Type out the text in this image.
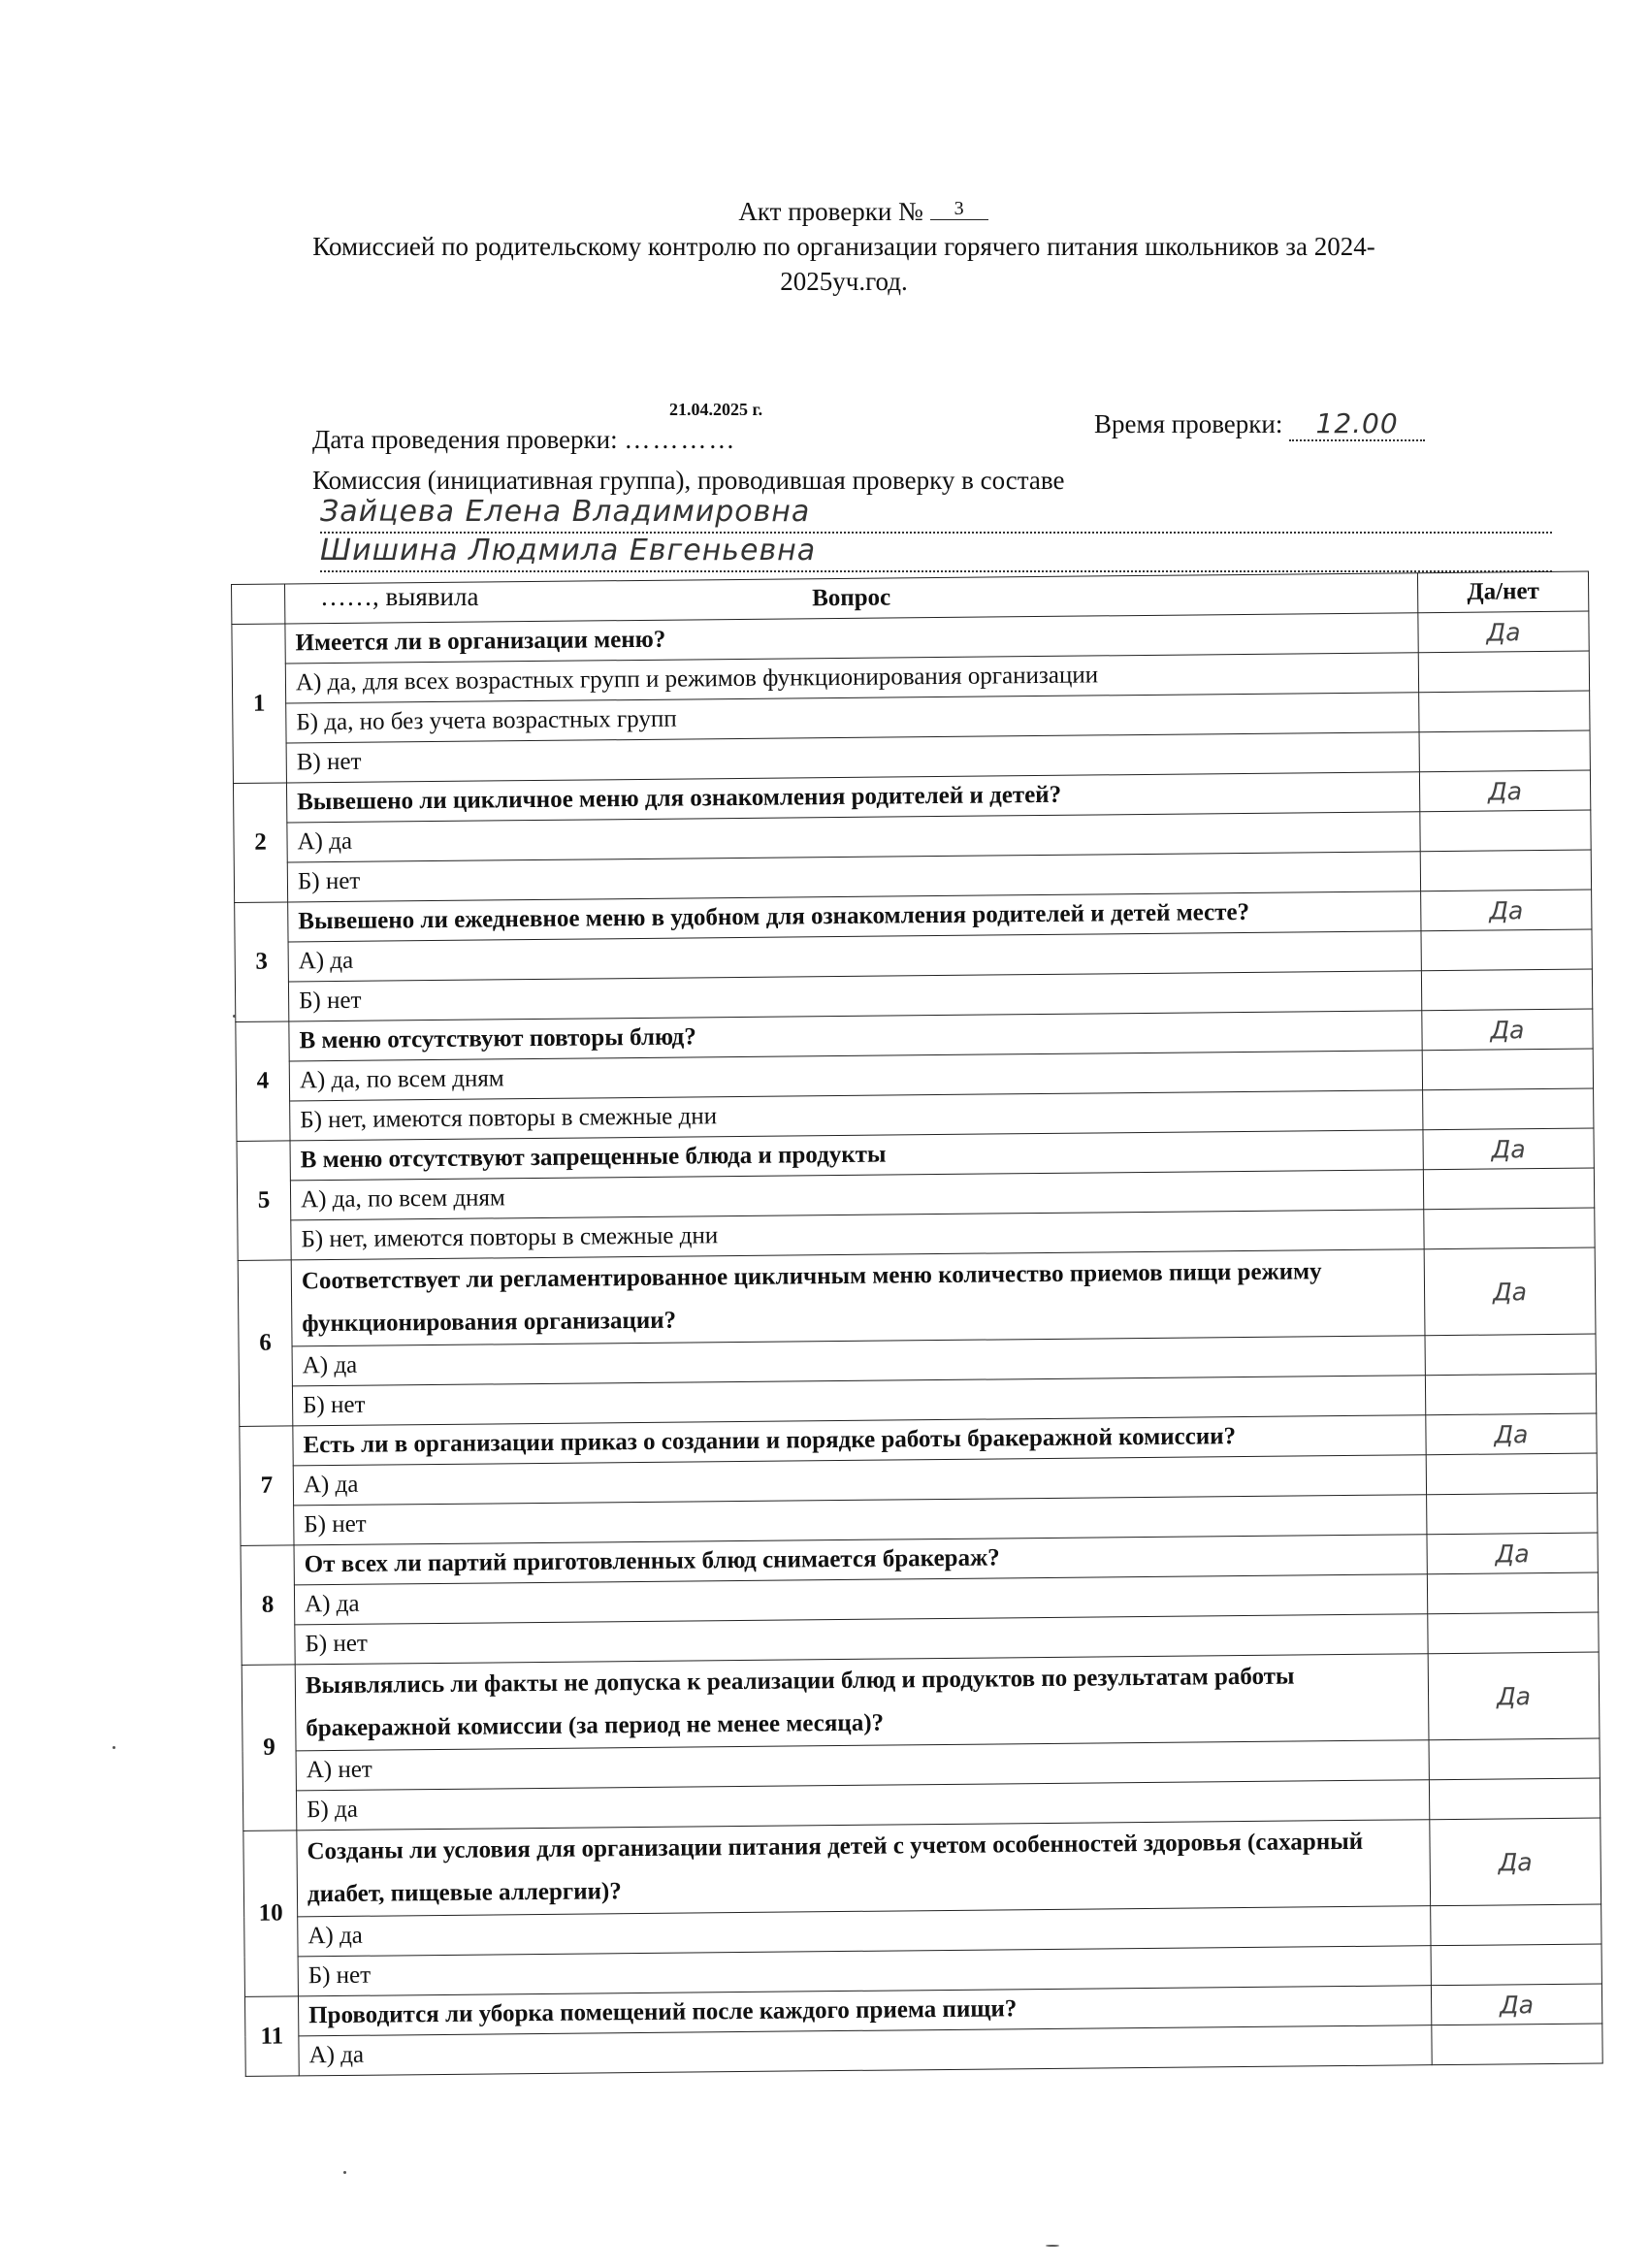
Акт проверки № 3
Комиссией по родительскому контролю по организации горячего питания школьников за 2024-
2025уч.год.
21.04.2025 г.
Дата проведения проверки: …………
Время проверки: 12.00
Комиссия (инициативная группа), проводившая проверку в составе
Зайцева Елена Владимировна
Шишина Людмила Евгеньевна
……, выявила
		Вопрос	Да/нет
1	Имеется ли в организации меню?	Да
	А) да, для всех возрастных групп и режимов функционирования организации	
	Б) да, но без учета возрастных групп	
	В) нет	
2	Вывешено ли цикличное меню для ознакомления родителей и детей?	Да
	А) да	
	Б) нет	
3	Вывешено ли ежедневное меню в удобном для ознакомления родителей и детей месте?	Да
	А) да	
	Б) нет	
4	В меню отсутствуют повторы блюд?	Да
	А) да, по всем дням	
	Б) нет, имеются повторы в смежные дни	
5	В меню отсутствуют запрещенные блюда и продукты	Да
	А) да, по всем дням	
	Б) нет, имеются повторы в смежные дни	
6	Соответствует ли регламентированное цикличным меню количество приемов пищи режиму функционирования организации?	Да
	А) да	
	Б) нет	
7	Есть ли в организации приказ о создании и порядке работы бракеражной комиссии?	Да
	А) да	
	Б) нет	
8	От всех ли партий приготовленных блюд снимается бракераж?	Да
	А) да	
	Б) нет	
9	Выявлялись ли факты не допуска к реализации блюд и продуктов по результатам работы бракеражной комиссии (за период не менее месяца)?	Да
	А) нет	
	Б) да	
10	Созданы ли условия для организации питания детей с учетом особенностей здоровья (сахарный диабет, пищевые аллергии)?	Да
	А) да	
	Б) нет	
11	Проводится ли уборка помещений после каждого приема пищи?	Да
	А) да	
